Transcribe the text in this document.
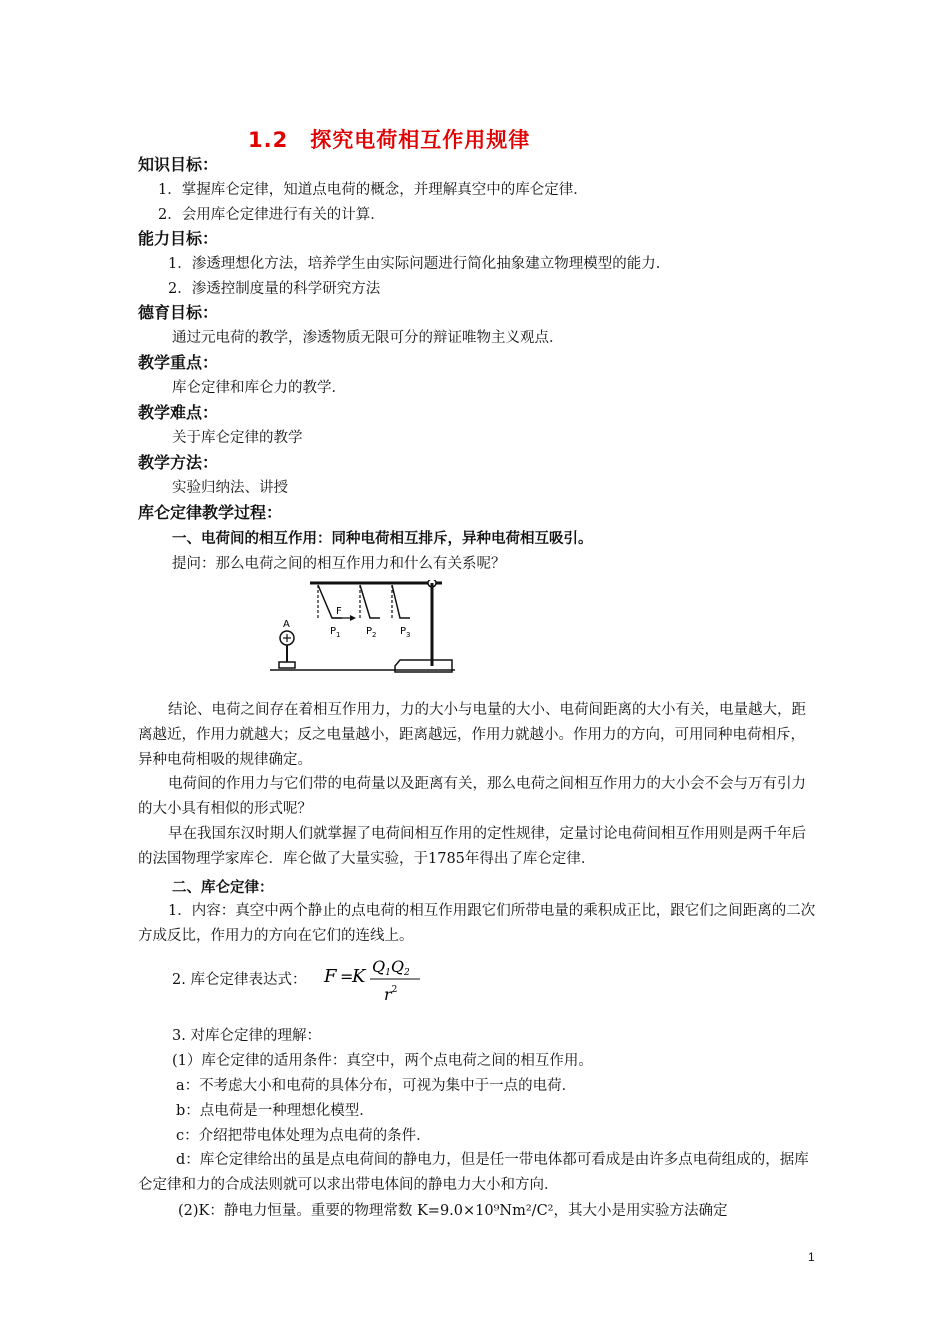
1.2　探究电荷相互作用规律
知识目标：
1．掌握库仑定律，知道点电荷的概念，并理解真空中的库仑定律．
2．会用库仑定律进行有关的计算．
能力目标：
1．渗透理想化方法，培养学生由实际问题进行简化抽象建立物理模型的能力．
2．渗透控制度量的科学研究方法
德育目标：
通过元电荷的教学，渗透物质无限可分的辩证唯物主义观点．
教学重点：
库仑定律和库仑力的教学．
教学难点：
关于库仑定律的教学
教学方法：
实验归纳法、讲授
库仑定律教学过程：
一、电荷间的相互作用：同种电荷相互排斥，异种电荷相互吸引。
提问：那么电荷之间的相互作用力和什么有关系呢？
F
$P_1$	$P_2$ $P_3$
A

结论、电荷之间存在着相互作用力，力的大小与电量的大小、电荷间距离的大小有关，电量越大，距离越近，作用力就越大；反之电量越小，距离越远，作用力就越小。作用力的方向，可用同种电荷相斥，异种电荷相吸的规律确定。

电荷间的作用力与它们带的电荷量以及距离有关，那么电荷之间相互作用力的大小会不会与万有引力的大小具有相似的形式呢？

早在我国东汉时期人们就掌握了电荷间相互作用的定性规律，定量讨论电荷间相互作用则是两千年后的法国物理学家库仑．库仑做了大量实验，于1785年得出了库仑定律．

二、库仑定律：

1．内容：真空中两个静止的点电荷的相互作用跟它们所带电量的乘积成正比，跟它们之间距离的二次方成反比，作用力的方向在它们的连线上。

2. 库仑定律表达式： F =
K Q1Q2
$r^2$
3. 对库仑定律的理解：
(1）库仑定律的适用条件：真空中，两个点电荷之间的相互作用。
a：不考虑大小和电荷的具体分布，可视为集中于一点的电荷．
b：点电荷是一种理想化模型．
c：介绍把带电体处理为点电荷的条件．

d：库仑定律给出的虽是点电荷间的静电力，但是任一带电体都可看成是由许多点电荷组成的，据库仑定律和力的合成法则就可以求出带电体间的静电力大小和方向．

(2)K：静电力恒量。重要的物理常数 K=9.0×10⁹Nm²/C²，其大小是用实验方法确定
1
